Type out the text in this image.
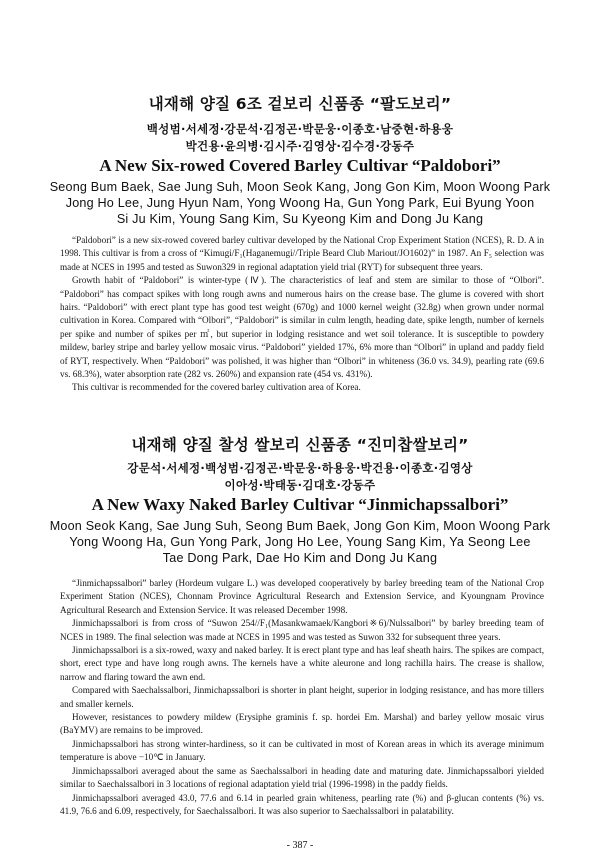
내재해 양질 6조 겉보리 신품종 “팔도보리”
백성범·서세정·강문석·김정곤·박문웅·이종호·남중현·하용웅
박건용·윤의병·김시주·김영상·김수경·강동주
A New Six-rowed Covered Barley Cultivar “Paldobori”
Seong Bum Baek, Sae Jung Suh, Moon Seok Kang, Jong Gon Kim, Moon Woong Park
Jong Ho Lee, Jung Hyun Nam, Yong Woong Ha, Gun Yong Park, Eui Byung Yoon
Si Ju Kim, Young Sang Kim, Su Kyeong Kim and Dong Ju Kang

“Paldobori” is a new six-rowed covered barley cultivar developed by the National Crop Experiment Station (NCES), R. D. A in 1998. This cultivar is from a cross of “Kimugi/F₁(Haganemugi//Triple Beard Club Mariout/JO1602)” in 1987. An F₅ selection was made at NCES in 1995 and tested as Suwon329 in regional adaptation yield trial (RYT) for subsequent three years.

Growth habit of “Paldobori” is winter-type (Ⅳ). The characteristics of leaf and stem are similar to those of “Olbori”. “Paldobori” has compact spikes with long rough awns and numerous hairs on the crease base. The glume is covered with short hairs. “Paldobori” with erect plant type has good test weight (670g) and 1000 kernel weight (32.8g) when grown under normal cultivation in Korea. Compared with “Olbori”, “Paldobori” is similar in culm length, heading date, spike length, number of kernels per spike and number of spikes per ㎡, but superior in lodging resistance and wet soil tolerance. It is susceptible to powdery mildew, barley stripe and barley yellow mosaic virus. “Paldobori” yielded 17%, 6% more than “Olbori” in upland and paddy field of RYT, respectively. When “Paldobori” was polished, it was higher than “Olbori” in whiteness (36.0 vs. 34.9), pearling rate (69.6 vs. 68.3%), water absorption rate (282 vs. 260%) and expansion rate (454 vs. 431%).

This cultivar is recommended for the covered barley cultivation area of Korea.

내재해 양질 찰성 쌀보리 신품종 “진미찹쌀보리”
강문석·서세정·백성범·김정곤·박문웅·하용웅·박건용·이종호·김영상
이아성·박태동·김대호·강동주
A New Waxy Naked Barley Cultivar “Jinmichapssalbori”
Moon Seok Kang, Sae Jung Suh, Seong Bum Baek, Jong Gon Kim, Moon Woong Park
Yong Woong Ha, Gun Yong Park, Jong Ho Lee, Young Sang Kim, Ya Seong Lee
Tae Dong Park, Dae Ho Kim and Dong Ju Kang

“Jinmichapssalbori” barley (Hordeum vulgare L.) was developed cooperatively by barley breeding team of the National Crop Experiment Station (NCES), Chonnam Province Agricultural Research and Extension Service, and Kyoungnam Province Agricultural Research and Extension Service. It was released December 1998.

Jinmichapssalbori is from cross of “Suwon 254//F₁(Masankwamaek/Kangbori※6)/Nulssalbori” by barley breeding team of NCES in 1989. The final selection was made at NCES in 1995 and was tested as Suwon 332 for subsequent three years.

Jinmichapssalbori is a six-rowed, waxy and naked barley. It is erect plant type and has leaf sheath hairs. The spikes are compact, short, erect type and have long rough awns. The kernels have a white aleurone and long rachilla hairs. The crease is shallow, narrow and flaring toward the awn end.

Compared with Saechalssalbori, Jinmichapssalbori is shorter in plant height, superior in lodging resistance, and has more tillers and smaller kernels.

However, resistances to powdery mildew (Erysiphe graminis f. sp. hordei Em. Marshal) and barley yellow mosaic virus (BaYMV) are remains to be improved.

Jinmichapssalbori has strong winter-hardiness, so it can be cultivated in most of Korean areas in which its average minimum temperature is above −10℃ in January.

Jinmichapssalbori averaged about the same as Saechalssalbori in heading date and maturing date. Jinmichapssalbori yielded similar to Saechalssalbori in 3 locations of regional adaptation yield trial (1996-1998) in the paddy fields.

Jinmichapssalbori averaged 43.0, 77.6 and 6.14 in pearled grain whiteness, pearling rate (%) and β-glucan contents (%) vs. 41.9, 76.6 and 6.09, respectively, for Saechalssalbori. It was also superior to Saechalssalbori in palatability.

- 387 -
